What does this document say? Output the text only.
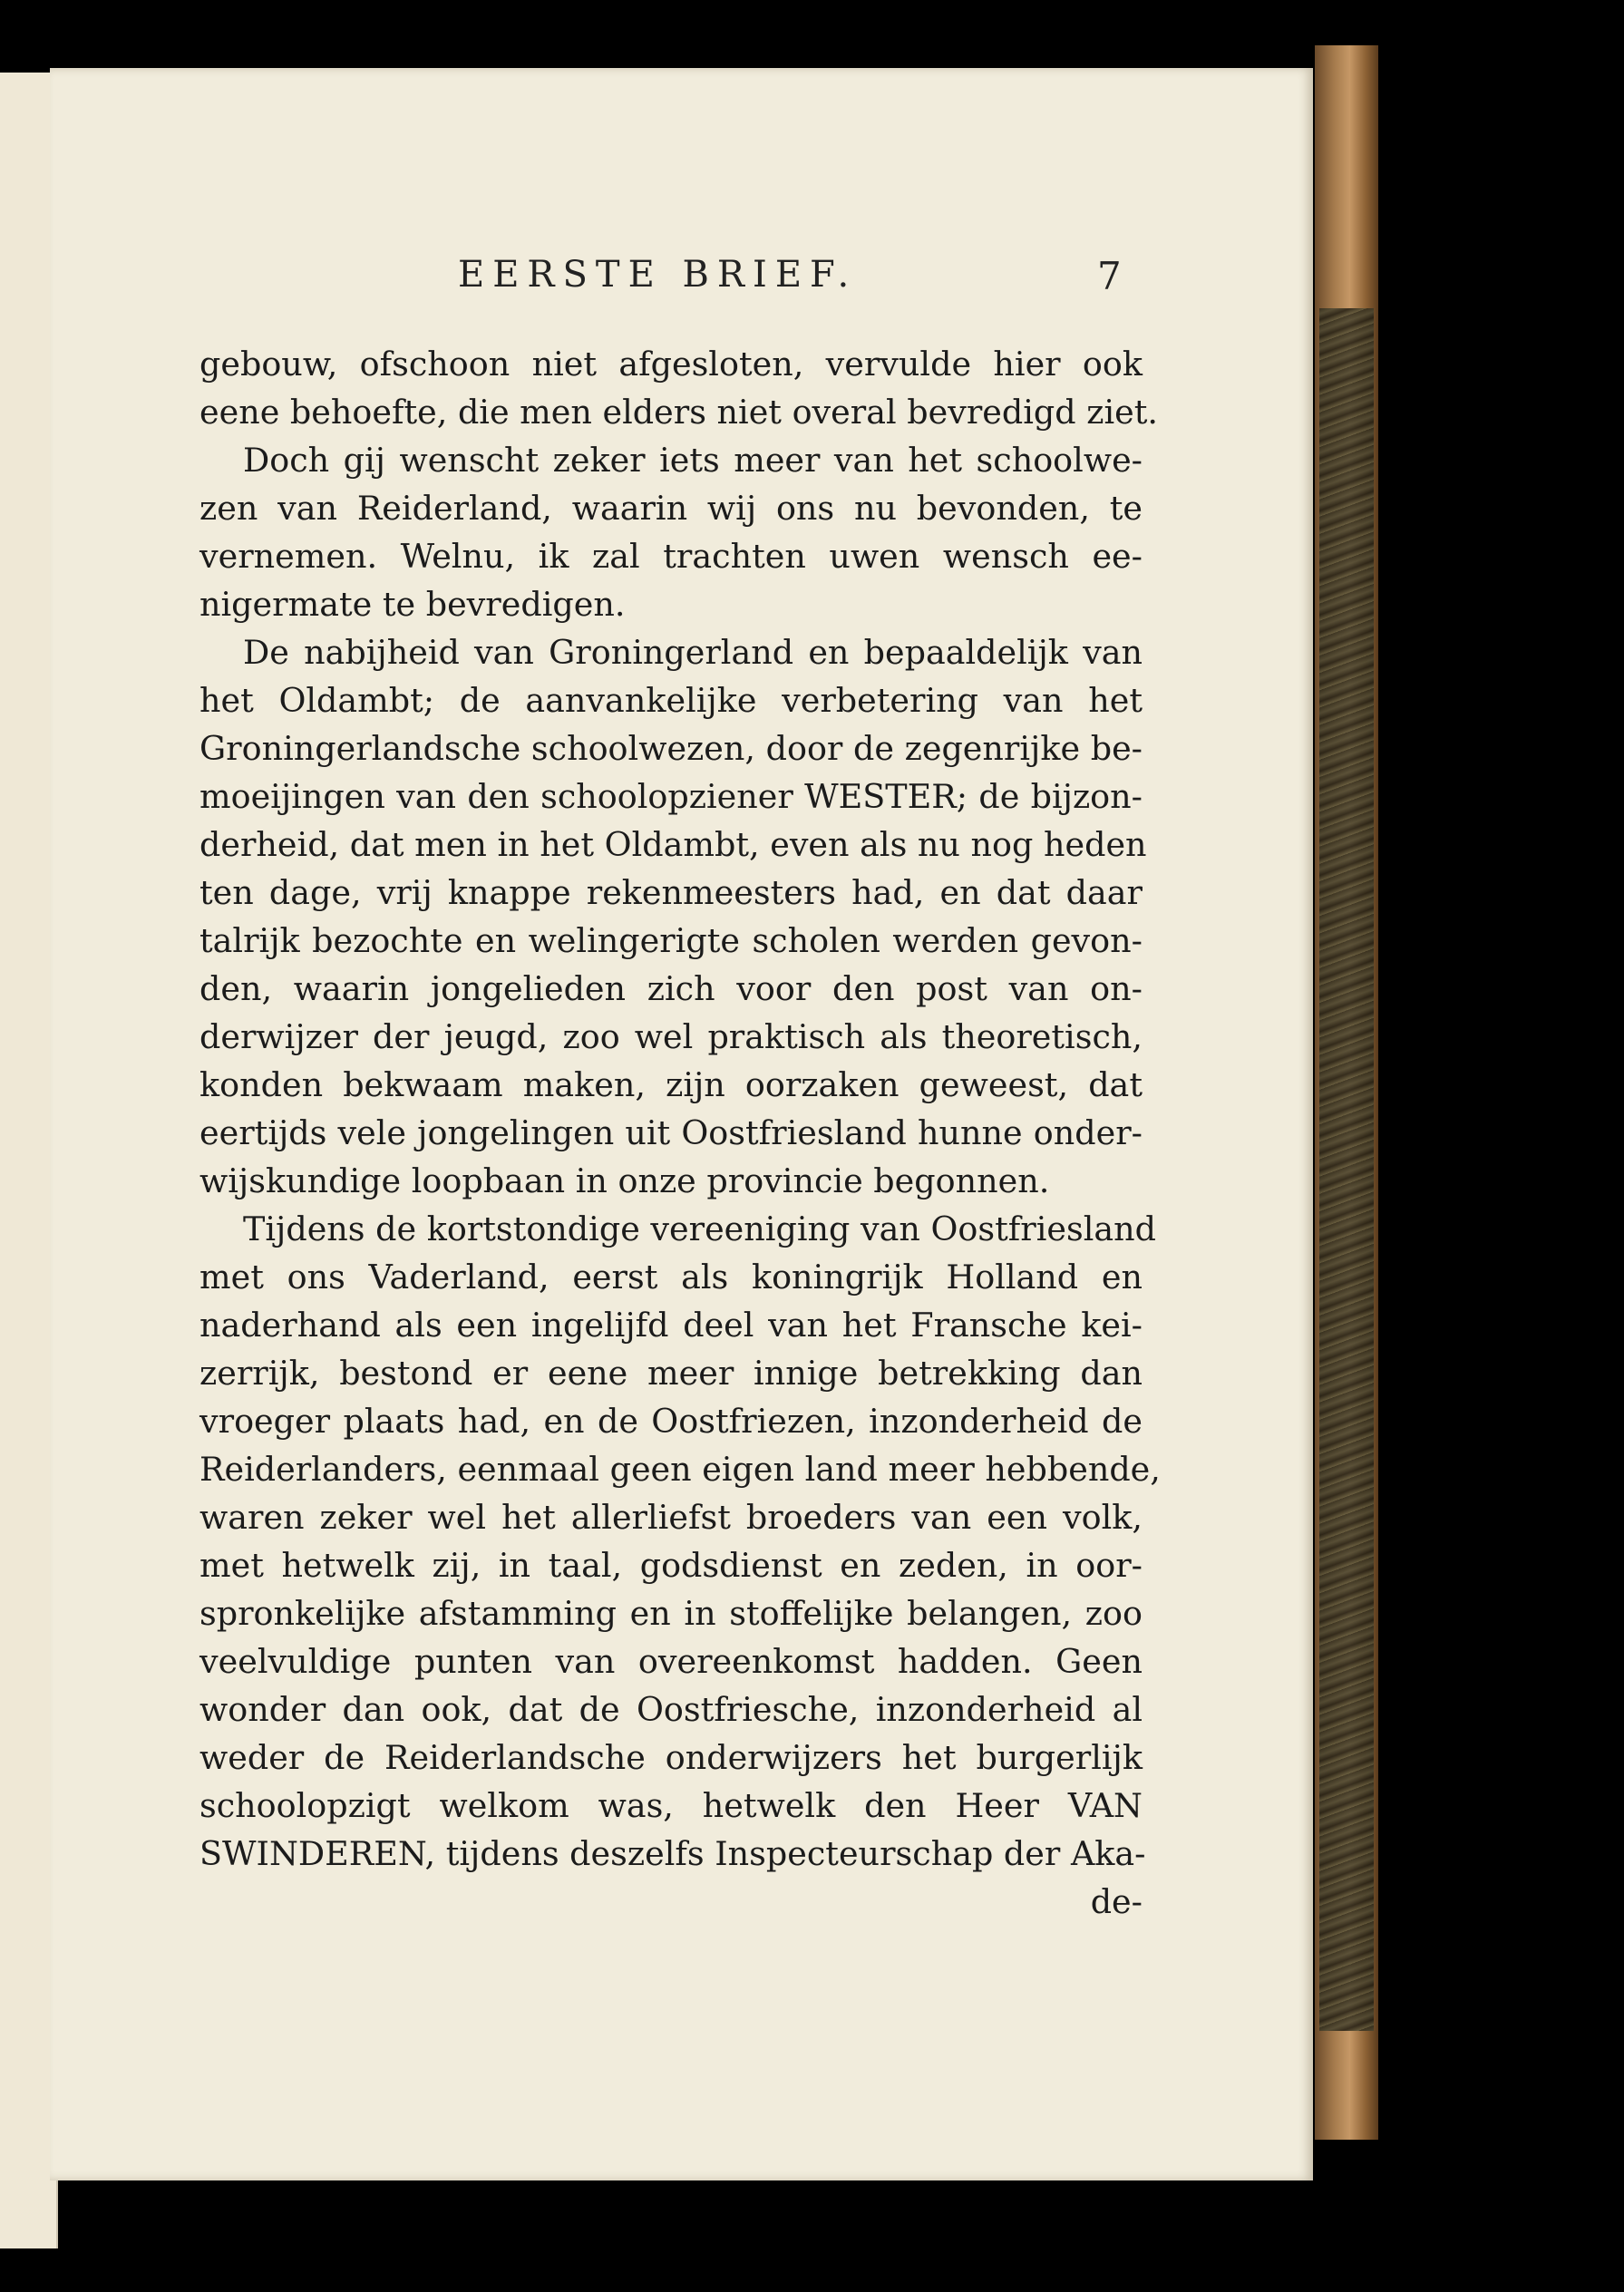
EERSTE BRIEF.	7
gebouw, ofschoon niet afgesloten, vervulde hier ook
eene behoefte, die men elders niet overal bevredigd ziet.
Doch gij wenscht zeker iets meer van het schoolwe-
zen van Reiderland, waarin wij ons nu bevonden, te
vernemen. Welnu, ik zal trachten uwen wensch ee-
nigermate te bevredigen.
De nabijheid van Groningerland en bepaaldelijk van
het Oldambt; de aanvankelijke verbetering van het
Groningerlandsche schoolwezen, door de zegenrijke be-
moeijingen van den schoolopziener WESTER; de bijzon-
derheid, dat men in het Oldambt, even als nu nog heden
ten dage, vrij knappe rekenmeesters had, en dat daar
talrijk bezochte en welingerigte scholen werden gevon-
den, waarin jongelieden zich voor den post van on-
derwijzer der jeugd, zoo wel praktisch als theoretisch,
konden bekwaam maken, zijn oorzaken geweest, dat
eertijds vele jongelingen uit Oostfriesland hunne onder-
wijskundige loopbaan in onze provincie begonnen.
Tijdens de kortstondige vereeniging van Oostfriesland
met ons Vaderland, eerst als koningrijk Holland en
naderhand als een ingelijfd deel van het Fransche kei-
zerrijk, bestond er eene meer innige betrekking dan
vroeger plaats had, en de Oostfriezen, inzonderheid de
Reiderlanders, eenmaal geen eigen land meer hebbende,
waren zeker wel het allerliefst broeders van een volk,
met hetwelk zij, in taal, godsdienst en zeden, in oor-
spronkelijke afstamming en in stoffelijke belangen, zoo
veelvuldige punten van overeenkomst hadden. Geen
wonder dan ook, dat de Oostfriesche, inzonderheid al
weder de Reiderlandsche onderwijzers het burgerlijk
schoolopzigt welkom was, hetwelk den Heer VAN
SWINDEREN, tijdens deszelfs Inspecteurschap der Aka-
de-
